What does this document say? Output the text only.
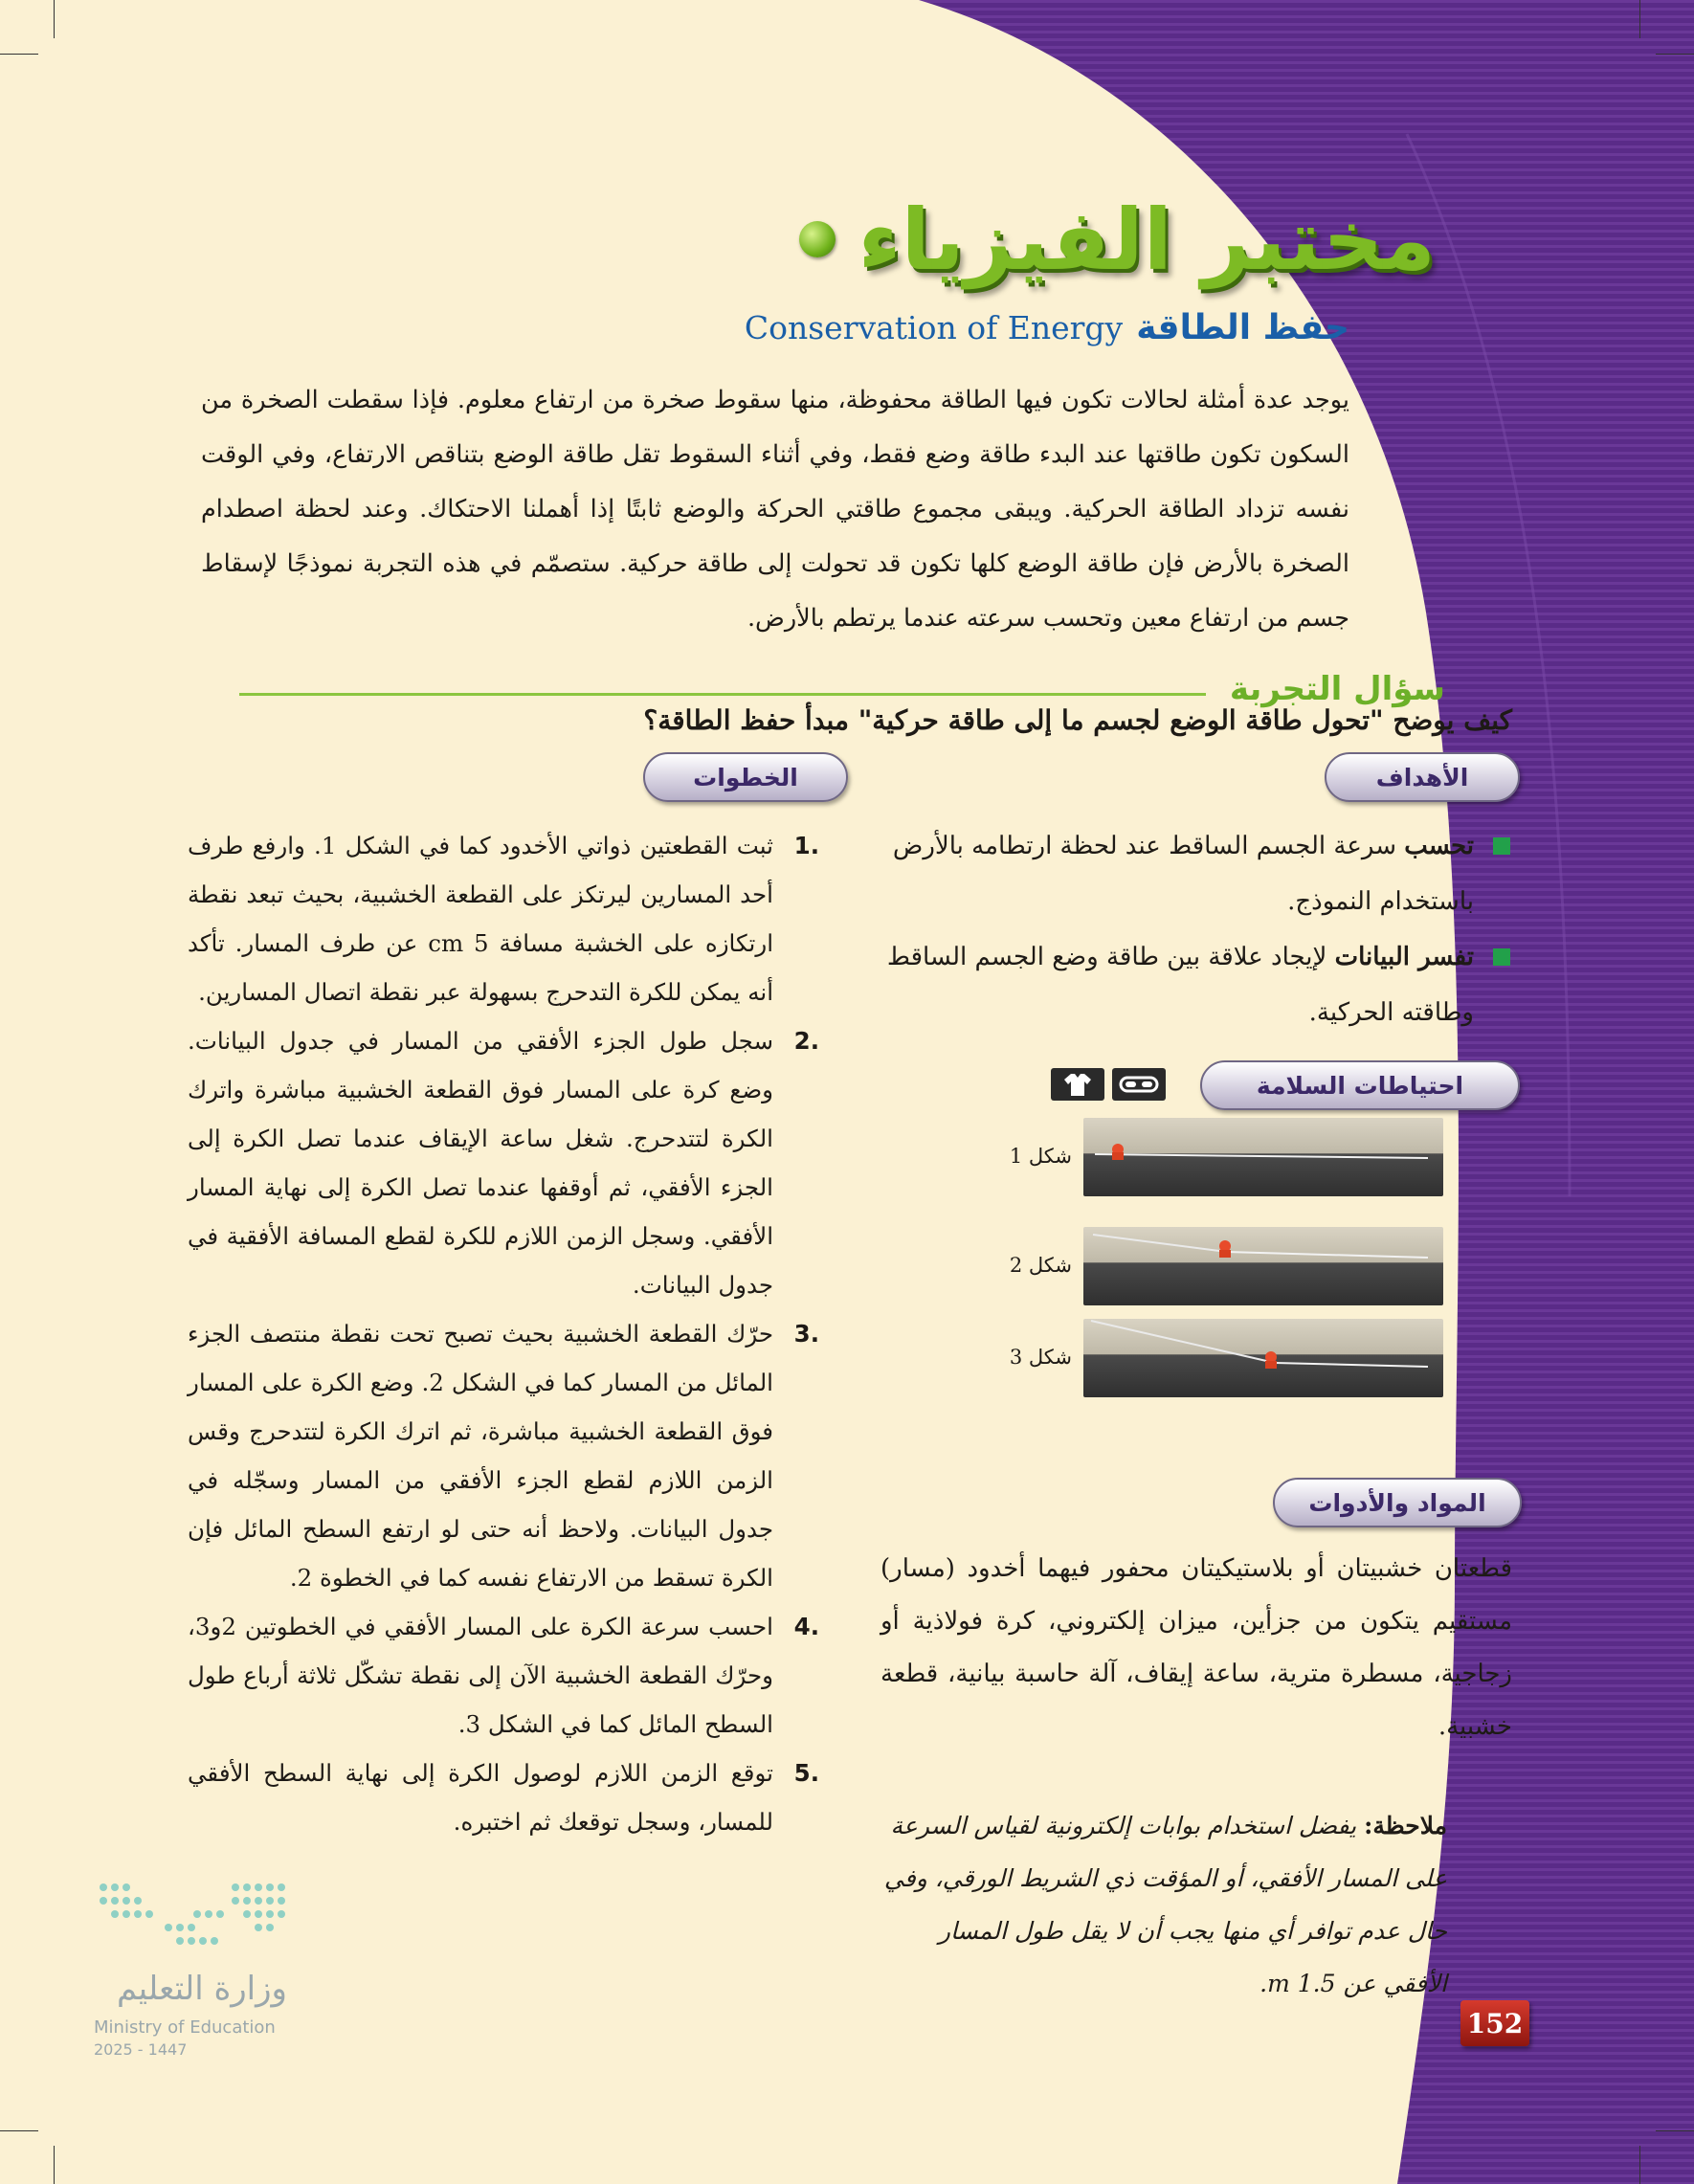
مختبر الفيزياء
Conservation of Energy حفظ الطاقة

يوجد عدة أمثلة لحالات تكون فيها الطاقة محفوظة، منها سقوط صخرة من ارتفاع معلوم. فإذا سقطت الصخرة من السكون تكون طاقتها عند البدء طاقة وضع فقط، وفي أثناء السقوط تقل طاقة الوضع بتناقص الارتفاع، وفي الوقت نفسه تزداد الطاقة الحركية. ويبقى مجموع طاقتي الحركة والوضع ثابتًا إذا أهملنا الاحتكاك. وعند لحظة اصطدام الصخرة بالأرض فإن طاقة الوضع كلها تكون قد تحولت إلى طاقة حركية. ستصمّم في هذه التجربة نموذجًا لإسقاط جسم من ارتفاع معين وتحسب سرعته عندما يرتطم بالأرض.

سؤال التجربة
كيف يوضح "تحول طاقة الوضع لجسم ما إلى طاقة حركية" مبدأ حفظ الطاقة؟
الخطوات	الأهداف
احتياطات السلامة
المواد والأدوات
.1

ثبت القطعتين ذواتي الأخدود كما في الشكل 1. وارفع طرف أحد المسارين ليرتكز على القطعة الخشبية، بحيث تبعد نقطة ارتكازه على الخشبة مسافة 5 cm عن طرف المسار. تأكد أنه يمكن للكرة التدحرج بسهولة عبر نقطة اتصال المسارين.

.2

سجل طول الجزء الأفقي من المسار في جدول البيانات. وضع كرة على المسار فوق القطعة الخشبية مباشرة واترك الكرة لتتدحرج. شغل ساعة الإيقاف عندما تصل الكرة إلى الجزء الأفقي، ثم أوقفها عندما تصل الكرة إلى نهاية المسار الأفقي. وسجل الزمن اللازم للكرة لقطع المسافة الأفقية في جدول البيانات.

.3

حرّك القطعة الخشبية بحيث تصبح تحت نقطة منتصف الجزء المائل من المسار كما في الشكل 2. وضع الكرة على المسار فوق القطعة الخشبية مباشرة، ثم اترك الكرة لتتدحرج وقس الزمن اللازم لقطع الجزء الأفقي من المسار وسجّله في جدول البيانات. ولاحظ أنه حتى لو ارتفع السطح المائل فإن الكرة تسقط من الارتفاع نفسه كما في الخطوة 2.

.4

احسب سرعة الكرة على المسار الأفقي في الخطوتين 2و3، وحرّك القطعة الخشبية الآن إلى نقطة تشكّل ثلاثة أرباع طول السطح المائل كما في الشكل 3.

.5

توقع الزمن اللازم لوصول الكرة إلى نهاية السطح الأفقي للمسار، وسجل توقعك ثم اختبره.

تحسب سرعة الجسم الساقط عند لحظة ارتطامه بالأرض باستخدام النموذج.
تفسر البيانات لإيجاد علاقة بين طاقة وضع الجسم الساقط وطاقته الحركية.
شكل 1
شكل 2
شكل 3

قطعتان خشبيتان أو بلاستيكيتان محفور فيهما أخدود (مسار) مستقيم يتكون من جزأين، ميزان إلكتروني، كرة فولاذية أو زجاجية، مسطرة مترية، ساعة إيقاف، آلة حاسبة بيانية، قطعة خشبية.

ملاحظة: يفضل استخدام بوابات إلكترونية لقياس السرعة على المسار الأفقي، أو المؤقت ذي الشريط الورقي، وفي حال عدم توافر أي منها يجب أن لا يقل طول المسار الأفقي عن 1.5 m.

152
وزارة التعليم
Ministry of Education
2025 - 1447
